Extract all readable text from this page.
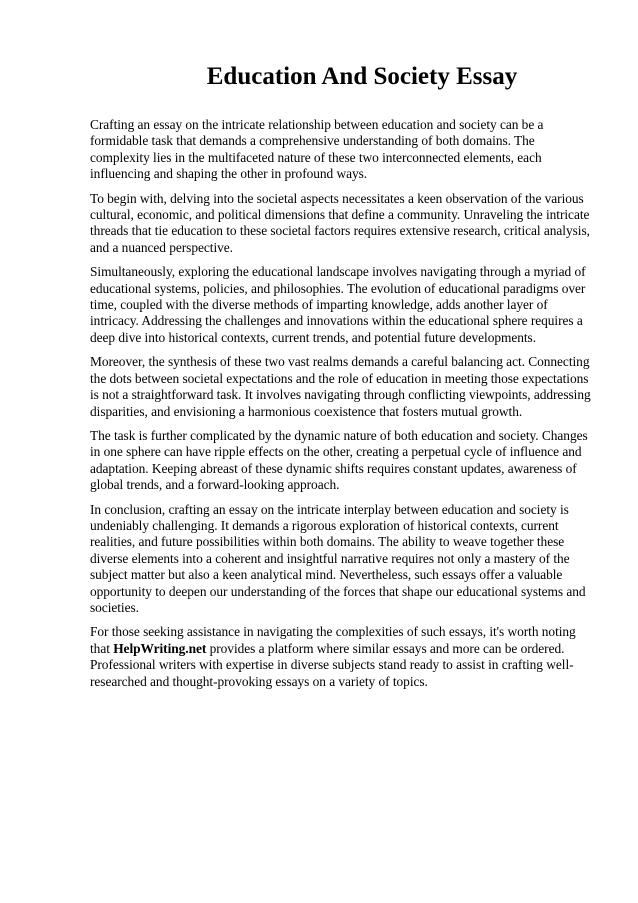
Education And Society Essay

Crafting an essay on the intricate relationship between education and society can be a formidable task that demands a comprehensive understanding of both domains. The complexity lies in the multifaceted nature of these two interconnected elements, each influencing and shaping the other in profound ways.

To begin with, delving into the societal aspects necessitates a keen observation of the various cultural, economic, and political dimensions that define a community. Unraveling the intricate threads that tie education to these societal factors requires extensive research, critical analysis, and a nuanced perspective.

Simultaneously, exploring the educational landscape involves navigating through a myriad of educational systems, policies, and philosophies. The evolution of educational paradigms over time, coupled with the diverse methods of imparting knowledge, adds another layer of intricacy. Addressing the challenges and innovations within the educational sphere requires a deep dive into historical contexts, current trends, and potential future developments.

Moreover, the synthesis of these two vast realms demands a careful balancing act. Connecting the dots between societal expectations and the role of education in meeting those expectations is not a straightforward task. It involves navigating through conflicting viewpoints, addressing disparities, and envisioning a harmonious coexistence that fosters mutual growth.

The task is further complicated by the dynamic nature of both education and society. Changes in one sphere can have ripple effects on the other, creating a perpetual cycle of influence and adaptation. Keeping abreast of these dynamic shifts requires constant updates, awareness of global trends, and a forward-looking approach.

In conclusion, crafting an essay on the intricate interplay between education and society is undeniably challenging. It demands a rigorous exploration of historical contexts, current realities, and future possibilities within both domains. The ability to weave together these diverse elements into a coherent and insightful narrative requires not only a mastery of the subject matter but also a keen analytical mind. Nevertheless, such essays offer a valuable opportunity to deepen our understanding of the forces that shape our educational systems and societies.

For those seeking assistance in navigating the complexities of such essays, it's worth noting that HelpWriting.net provides a platform where similar essays and more can be ordered. Professional writers with expertise in diverse subjects stand ready to assist in crafting well-researched and thought-provoking essays on a variety of topics.
